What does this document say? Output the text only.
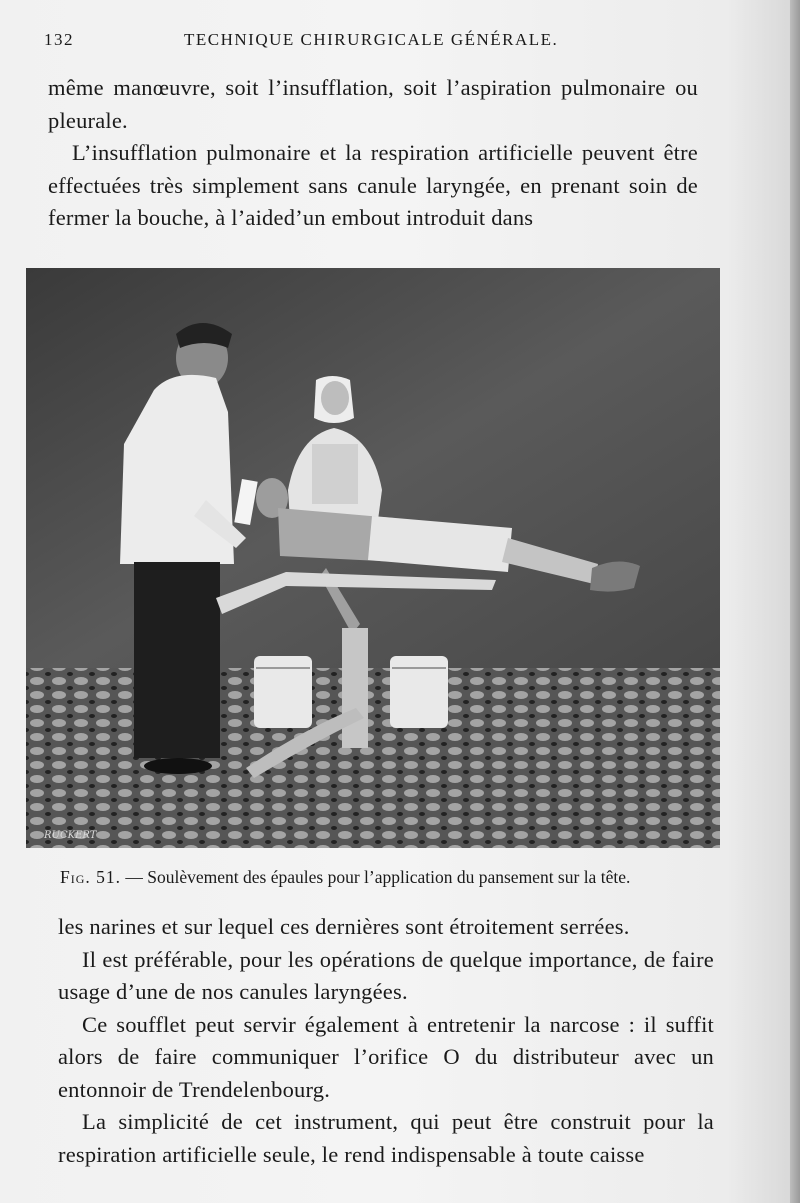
132	TECHNIQUE CHIRURGICALE GÉNÉRALE.

même manœuvre, soit l’insufflation, soit l’aspiration pulmonaire ou pleurale.

L’insufflation pulmonaire et la respiration artificielle peuvent être effectuées très simplement sans canule laryngée, en prenant soin de fermer la bouche, à l’aided’un embout introduit dans

RUCKERT
Fig. 51. — Soulèvement des épaules pour l’application du pansement sur la tête.

les narines et sur lequel ces dernières sont étroitement serrées.

Il est préférable, pour les opérations de quelque importance, de faire usage d’une de nos canules laryngées.

Ce soufflet peut servir également à entretenir la narcose : il suffit alors de faire communiquer l’orifice O du distributeur avec un entonnoir de Trendelenbourg.

La simplicité de cet instrument, qui peut être construit pour la respiration artificielle seule, le rend indispensable à toute caisse
